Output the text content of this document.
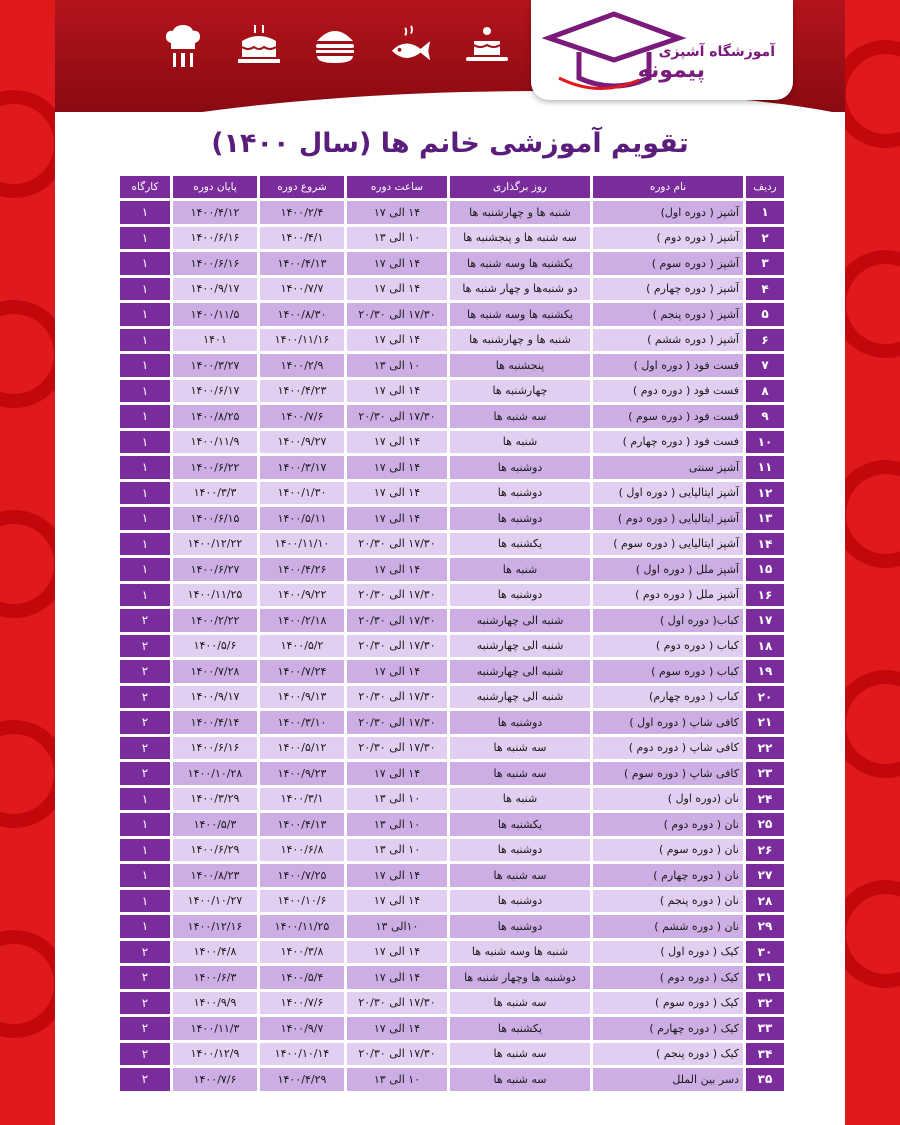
آموزشگاه آشپزی
پیمونه
تقویم آموزشی خانم ها (سال ۱۴۰۰)
ردیف	نام دوره	روز برگذاری	ساعت دوره	شروع دوره	پایان دوره	کارگاه
۱	آشپز ( دوره اول)	شنبه ها و چهارشنبه ها	۱۴ الی ۱۷	۱۴۰۰/۲/۴	۱۴۰۰/۴/۱۲	۱
۲	آشپز ( دوره دوم )	سه شنبه ها و پنجشنبه ها	۱۰ الی ۱۳	۱۴۰۰/۴/۱	۱۴۰۰/۶/۱۶	۱
۳	آشپز ( دوره سوم )	یکشنبه ها وسه شنبه ها	۱۴ الی ۱۷	۱۴۰۰/۴/۱۳	۱۴۰۰/۶/۱۶	۱
۴	آشپز ( دوره چهارم )	دو شنبه‌ها و چهار شنبه ها	۱۴ الی ۱۷	۱۴۰۰/۷/۷	۱۴۰۰/۹/۱۷	۱
۵	آشپز ( دوره پنجم )	یکشنبه ها وسه شنبه ها	۱۷/۳۰ الی ۲۰/۳۰	۱۴۰۰/۸/۳۰	۱۴۰۰/۱۱/۵	۱
۶	آشپز ( دوره ششم )	شنبه ها و چهارشنبه ها	۱۴ الی ۱۷	۱۴۰۰/۱۱/۱۶	۱۴۰۱	۱
۷	فست فود ( دوره اول )	پنجشنبه ها	۱۰ الی ۱۳	۱۴۰۰/۲/۹	۱۴۰۰/۳/۲۷	۱
۸	فست فود ( دوره دوم )	چهارشنبه ها	۱۴ الی ۱۷	۱۴۰۰/۴/۲۳	۱۴۰۰/۶/۱۷	۱
۹	فست فود ( دوره سوم )	سه شنبه ها	۱۷/۳۰ الی ۲۰/۳۰	۱۴۰۰/۷/۶	۱۴۰۰/۸/۲۵	۱
۱۰	فست فود ( دوره چهارم )	شنبه ها	۱۴ الی ۱۷	۱۴۰۰/۹/۲۷	۱۴۰۰/۱۱/۹	۱
۱۱	آشپز سنتی	دوشنبه ها	۱۴ الی ۱۷	۱۴۰۰/۳/۱۷	۱۴۰۰/۶/۲۲	۱
۱۲	آشپز ایتالیایی ( دوره اول )	دوشنبه ها	۱۴ الی ۱۷	۱۴۰۰/۱/۳۰	۱۴۰۰/۳/۳	۱
۱۳	آشپز ایتالیایی ( دوره دوم )	دوشنبه ها	۱۴ الی ۱۷	۱۴۰۰/۵/۱۱	۱۴۰۰/۶/۱۵	۱
۱۴	آشپز ایتالیایی ( دوره سوم )	یکشنبه ها	۱۷/۳۰ الی ۲۰/۳۰	۱۴۰۰/۱۱/۱۰	۱۴۰۰/۱۲/۲۲	۱
۱۵	آشپز ملل ( دوره اول )	شنبه ها	۱۴ الی ۱۷	۱۴۰۰/۴/۲۶	۱۴۰۰/۶/۲۷	۱
۱۶	آشپز ملل ( دوره دوم )	دوشنبه ها	۱۷/۳۰ الی ۲۰/۳۰	۱۴۰۰/۹/۲۲	۱۴۰۰/۱۱/۲۵	۱
۱۷	کباب( دوره اول )	شنبه الی چهارشنبه	۱۷/۳۰ الی ۲۰/۳۰	۱۴۰۰/۲/۱۸	۱۴۰۰/۲/۲۲	۲
۱۸	کباب ( دوره دوم )	شنبه الی چهارشنبه	۱۷/۳۰ الی ۲۰/۳۰	۱۴۰۰/۵/۲	۱۴۰۰/۵/۶	۲
۱۹	کباب ( دوره سوم )	شنبه الی چهارشنبه	۱۴ الی ۱۷	۱۴۰۰/۷/۲۴	۱۴۰۰/۷/۲۸	۲
۲۰	کباب ( دوره چهارم)	شنبه الی چهارشنبه	۱۷/۳۰ الی ۲۰/۳۰	۱۴۰۰/۹/۱۳	۱۴۰۰/۹/۱۷	۲
۲۱	کافی شاپ ( دوره اول )	دوشنبه ها	۱۷/۳۰ الی ۲۰/۳۰	۱۴۰۰/۳/۱۰	۱۴۰۰/۴/۱۴	۲
۲۲	کافی شاپ ( دوره دوم )	سه شنبه ها	۱۷/۳۰ الی ۲۰/۳۰	۱۴۰۰/۵/۱۲	۱۴۰۰/۶/۱۶	۲
۲۳	کافی شاپ ( دوره سوم )	سه شنبه ها	۱۴ الی ۱۷	۱۴۰۰/۹/۲۳	۱۴۰۰/۱۰/۲۸	۲
۲۴	نان (دوره اول )	شنبه ها	۱۰ الی ۱۳	۱۴۰۰/۳/۱	۱۴۰۰/۳/۲۹	۱
۲۵	نان ( دوره دوم )	یکشنبه ها	۱۰ الی ۱۳	۱۴۰۰/۴/۱۳	۱۴۰۰/۵/۳	۱
۲۶	نان ( دوره سوم )	دوشنبه ها	۱۰ الی ۱۳	۱۴۰۰/۶/۸	۱۴۰۰/۶/۲۹	۱
۲۷	نان ( دوره چهارم )	سه شنبه ها	۱۴ الی ۱۷	۱۴۰۰/۷/۲۵	۱۴۰۰/۸/۲۳	۱
۲۸	نان ( دوره پنجم )	دوشنبه ها	۱۴ الی ۱۷	۱۴۰۰/۱۰/۶	۱۴۰۰/۱۰/۲۷	۱
۲۹	نان ( دوره ششم )	دوشنبه ها	۱۰الی ۱۳	۱۴۰۰/۱۱/۲۵	۱۴۰۰/۱۲/۱۶	۱
۳۰	کیک ( دوره اول )	شنبه ها وسه شنبه ها	۱۴ الی ۱۷	۱۴۰۰/۳/۸	۱۴۰۰/۴/۸	۲
۳۱	کیک ( دوره دوم )	دوشنبه ها وچهار شنبه ها	۱۴ الی ۱۷	۱۴۰۰/۵/۴	۱۴۰۰/۶/۳	۲
۳۲	کیک ( دوره سوم )	سه شنبه ها	۱۷/۳۰ الی ۲۰/۳۰	۱۴۰۰/۷/۶	۱۴۰۰/۹/۹	۲
۳۳	کیک ( دوره چهارم )	یکشنبه ها	۱۴ الی ۱۷	۱۴۰۰/۹/۷	۱۴۰۰/۱۱/۳	۲
۳۴	کیک ( دوره پنجم )	سه شنبه ها	۱۷/۳۰ الی ۲۰/۳۰	۱۴۰۰/۱۰/۱۴	۱۴۰۰/۱۲/۹	۲
۳۵	دسر بین الملل	سه شنبه ها	۱۰ الی ۱۳	۱۴۰۰/۴/۲۹	۱۴۰۰/۷/۶	۲
